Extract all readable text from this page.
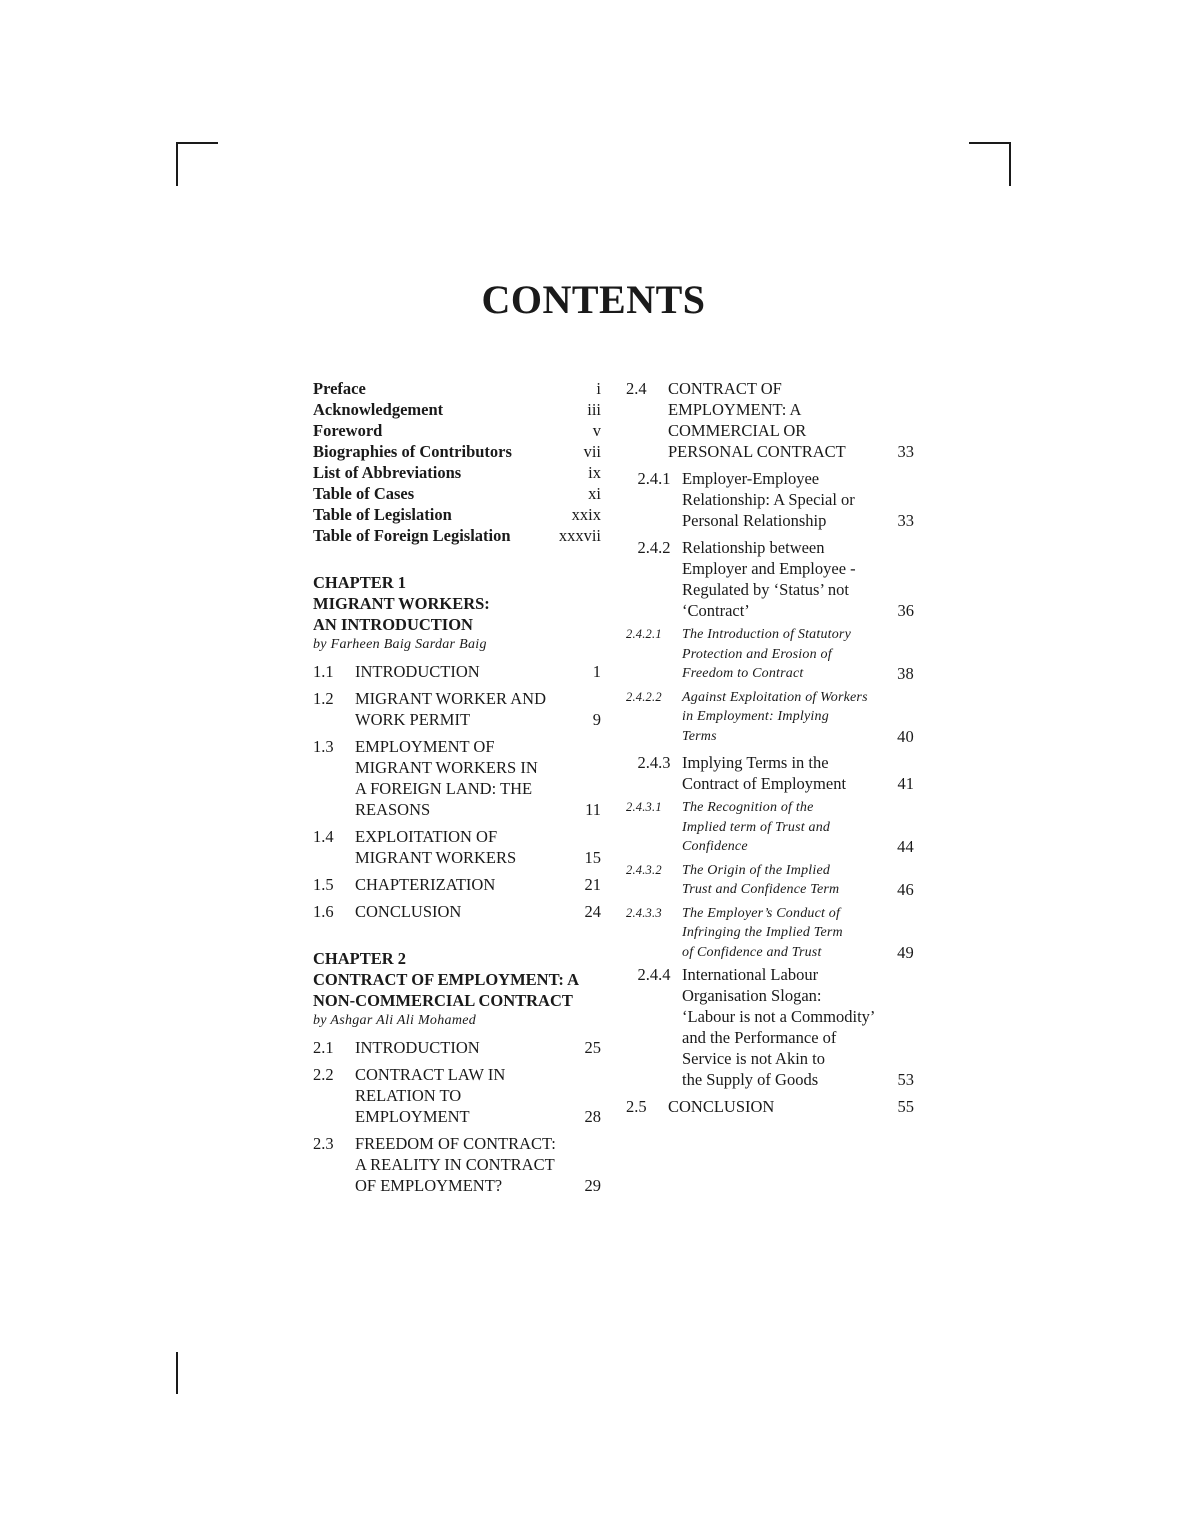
CONTENTS
Preface	i
Acknowledgement	iii
Foreword	v
Biographies of Contributors	vii
List of Abbreviations	ix
Table of Cases	xi
Table of Legislation	xxix
Table of Foreign Legislation	xxxvii
CHAPTER 1
MIGRANT WORKERS:
AN INTRODUCTION
by Farheen Baig Sardar Baig
1.1	INTRODUCTION	1
1.2	MIGRANT WORKER AND
WORK PERMIT	9
1.3	EMPLOYMENT OF
MIGRANT WORKERS IN
A FOREIGN LAND: THE
REASONS	11
1.4	EXPLOITATION OF
MIGRANT WORKERS	15
1.5	CHAPTERIZATION	21
1.6	CONCLUSION	24
CHAPTER 2
CONTRACT OF EMPLOYMENT: A
NON-COMMERCIAL CONTRACT
by Ashgar Ali Ali Mohamed
2.1	INTRODUCTION	25
2.2	CONTRACT LAW IN
RELATION TO
EMPLOYMENT	28
2.3	FREEDOM OF CONTRACT:
A REALITY IN CONTRACT
OF EMPLOYMENT?	29
2.4	CONTRACT OF
EMPLOYMENT: A
COMMERCIAL OR
PERSONAL CONTRACT	33
2.4.1 Employer-Employee
Relationship: A Special or
Personal Relationship	33
2.4.2 Relationship between
Employer and Employee -
Regulated by ‘Status’ not
‘Contract’	36
2.4.2.1	The Introduction of Statutory
Protection and Erosion of
Freedom to Contract	38
2.4.2.2	Against Exploitation of Workers
in Employment: Implying
Terms	40
2.4.3 Implying Terms in the
Contract of Employment	41
2.4.3.1	The Recognition of the
Implied term of Trust and
Confidence	44
2.4.3.2	The Origin of the Implied
Trust and Confidence Term	46
2.4.3.3	The Employer’s Conduct of
Infringing the Implied Term
of Confidence and Trust	49
2.4.4 International Labour
Organisation Slogan:
‘Labour is not a Commodity’
and the Performance of
Service is not Akin to
the Supply of Goods	53
2.5	CONCLUSION	55
